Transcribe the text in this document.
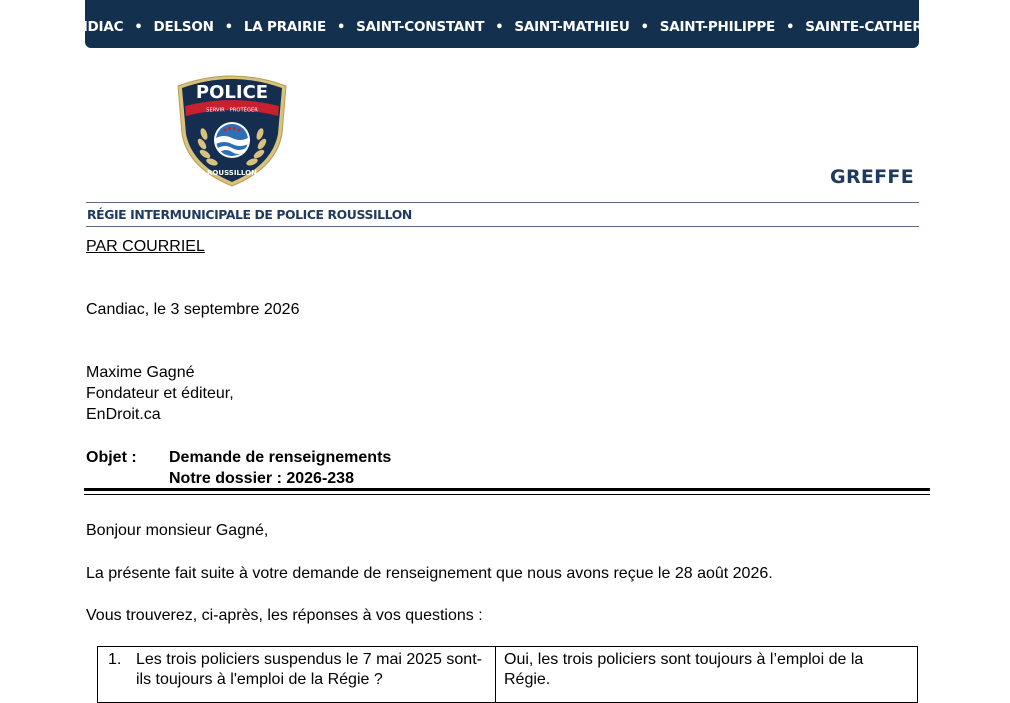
CANDIAC • DELSON • LA PRAIRIE • SAINT-CONSTANT • SAINT-MATHIEU • SAINT-PHILIPPE • SAINTE-CATHERINE
POLICE
SERVIR · PROTÉGER
ROUSSILLON	GREFFE
RÉGIE INTERMUNICIPALE DE POLICE ROUSSILLON
PAR COURRIEL
Candiac, le 3 septembre 2026
Maxime Gagné
Fondateur et éditeur,
EnDroit.ca
Objet : Demande de renseignements
Notre dossier : 2026-238
Bonjour monsieur Gagné,
La présente fait suite à votre demande de renseignement que nous avons reçue le 28 août 2026.
Vous trouverez, ci-après, les réponses à vos questions :
1. Les trois policiers suspendus le 7 mai 2025 sont-ils toujours à l'emploi de la Régie ?	Oui, les trois policiers sont toujours à l’emploi de la Régie.
